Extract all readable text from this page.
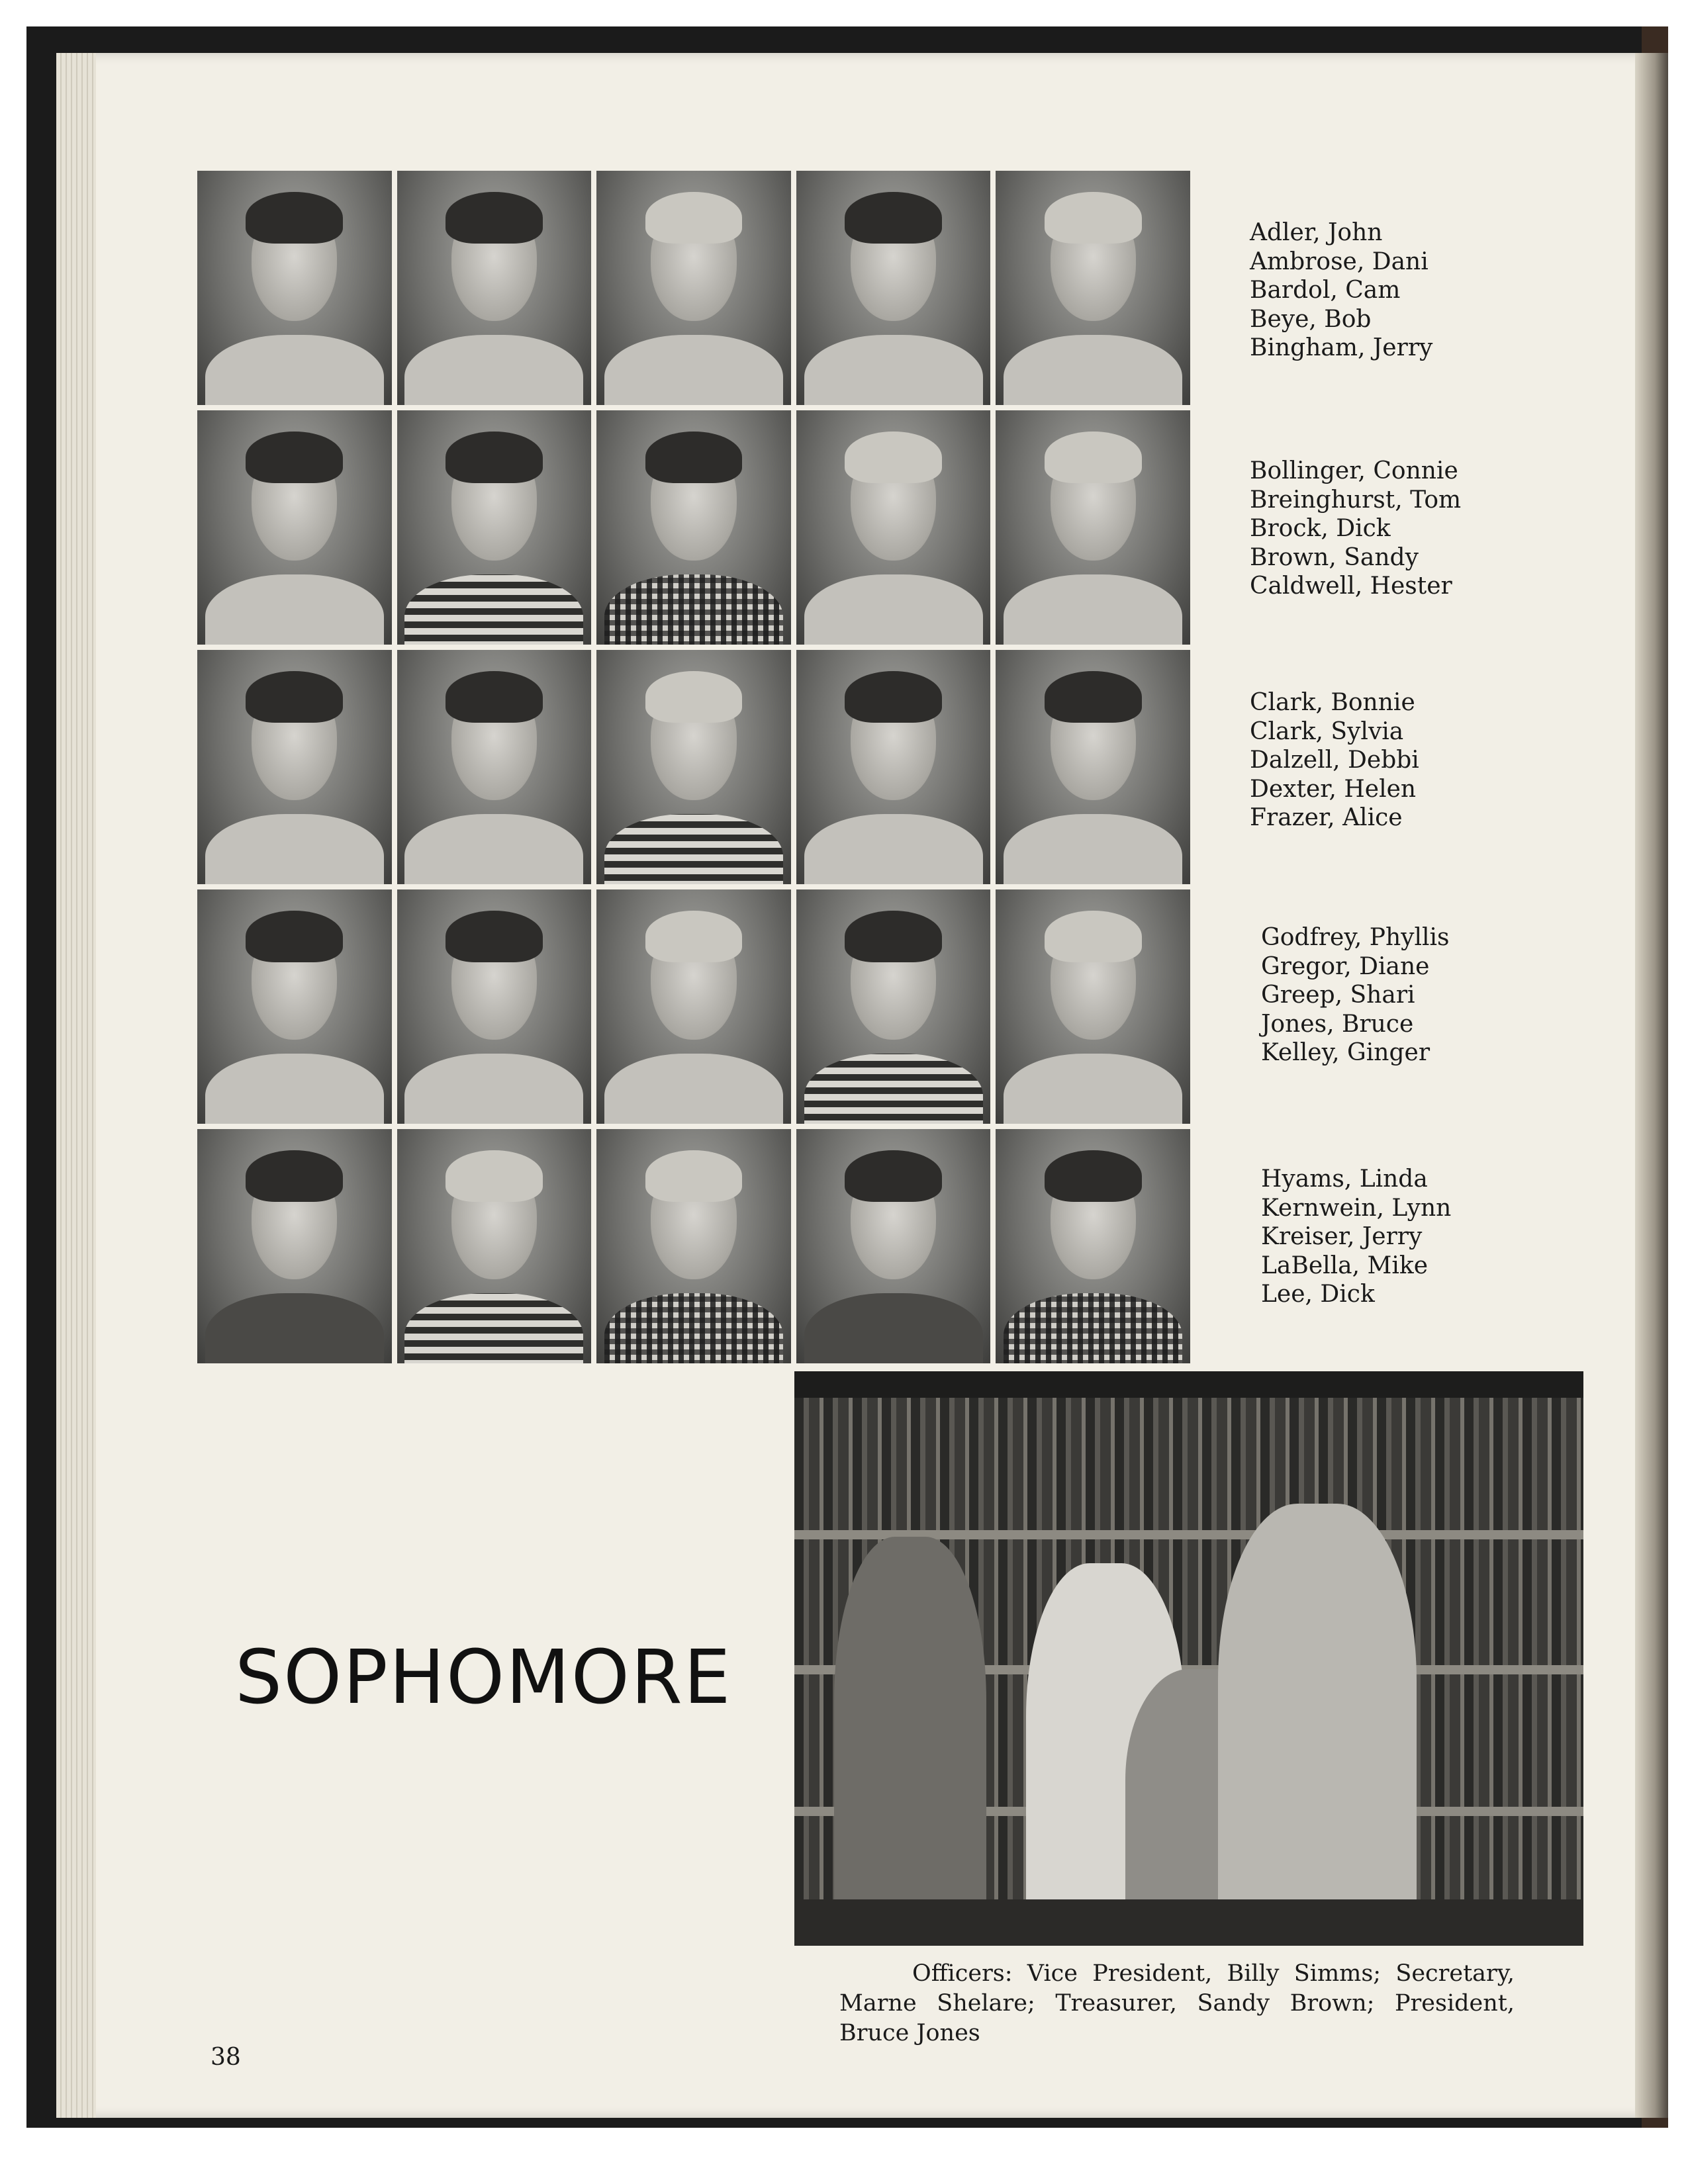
Adler, John
Ambrose, Dani
Bardol, Cam
Beye, Bob
Bingham, Jerry
Bollinger, Connie
Breinghurst, Tom
Brock, Dick
Brown, Sandy
Caldwell, Hester
Clark, Bonnie
Clark, Sylvia
Dalzell, Debbi
Dexter, Helen
Frazer, Alice
Godfrey, Phyllis
Gregor, Diane
Greep, Shari
Jones, Bruce
Kelley, Ginger
Hyams, Linda
Kernwein, Lynn
Kreiser, Jerry
LaBella, Mike
Lee, Dick
SOPHOMORE

Officers: Vice President, Billy Simms; Secretary, Marne Shelare; Treasurer, Sandy Brown; President, Bruce Jones

38
